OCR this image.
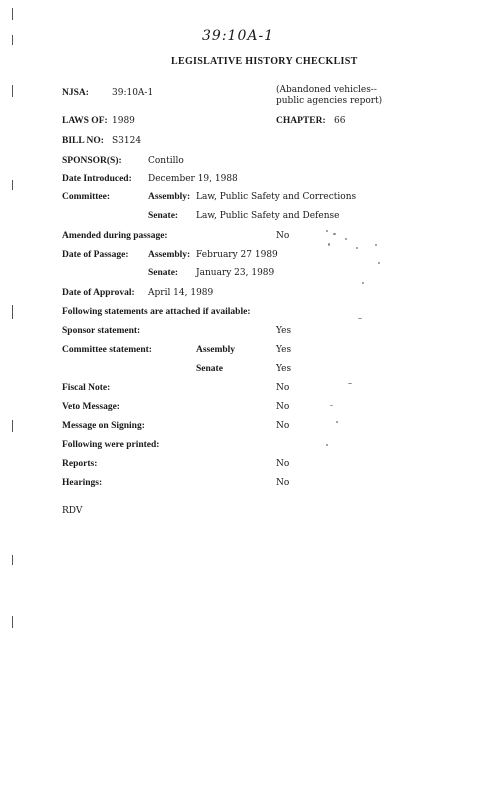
39:10A-1
LEGISLATIVE HISTORY CHECKLIST
NJSA:	39:10A-1	(Abandoned vehicles-- public agencies report)
LAWS OF: 1989	CHAPTER: 66
BILL NO: S3124
SPONSOR(S):	Contillo
Date Introduced: December 19, 1988
Committee:	Assembly: Law, Public Safety and Corrections
Senate: Law, Public Safety and Defense
Amended during passage:	No
Date of Passage: Assembly: February 27 1989
Senate: January 23, 1989
Date of Approval: April 14, 1989
Following statements are attached if available:
Sponsor statement:	Yes
Committee statement:	Assembly	Yes
Senate	Yes
Fiscal Note:	No
Veto Message:	No
Message on Signing:	No
Following were printed:
Reports:	No
Hearings:	No
RDV
